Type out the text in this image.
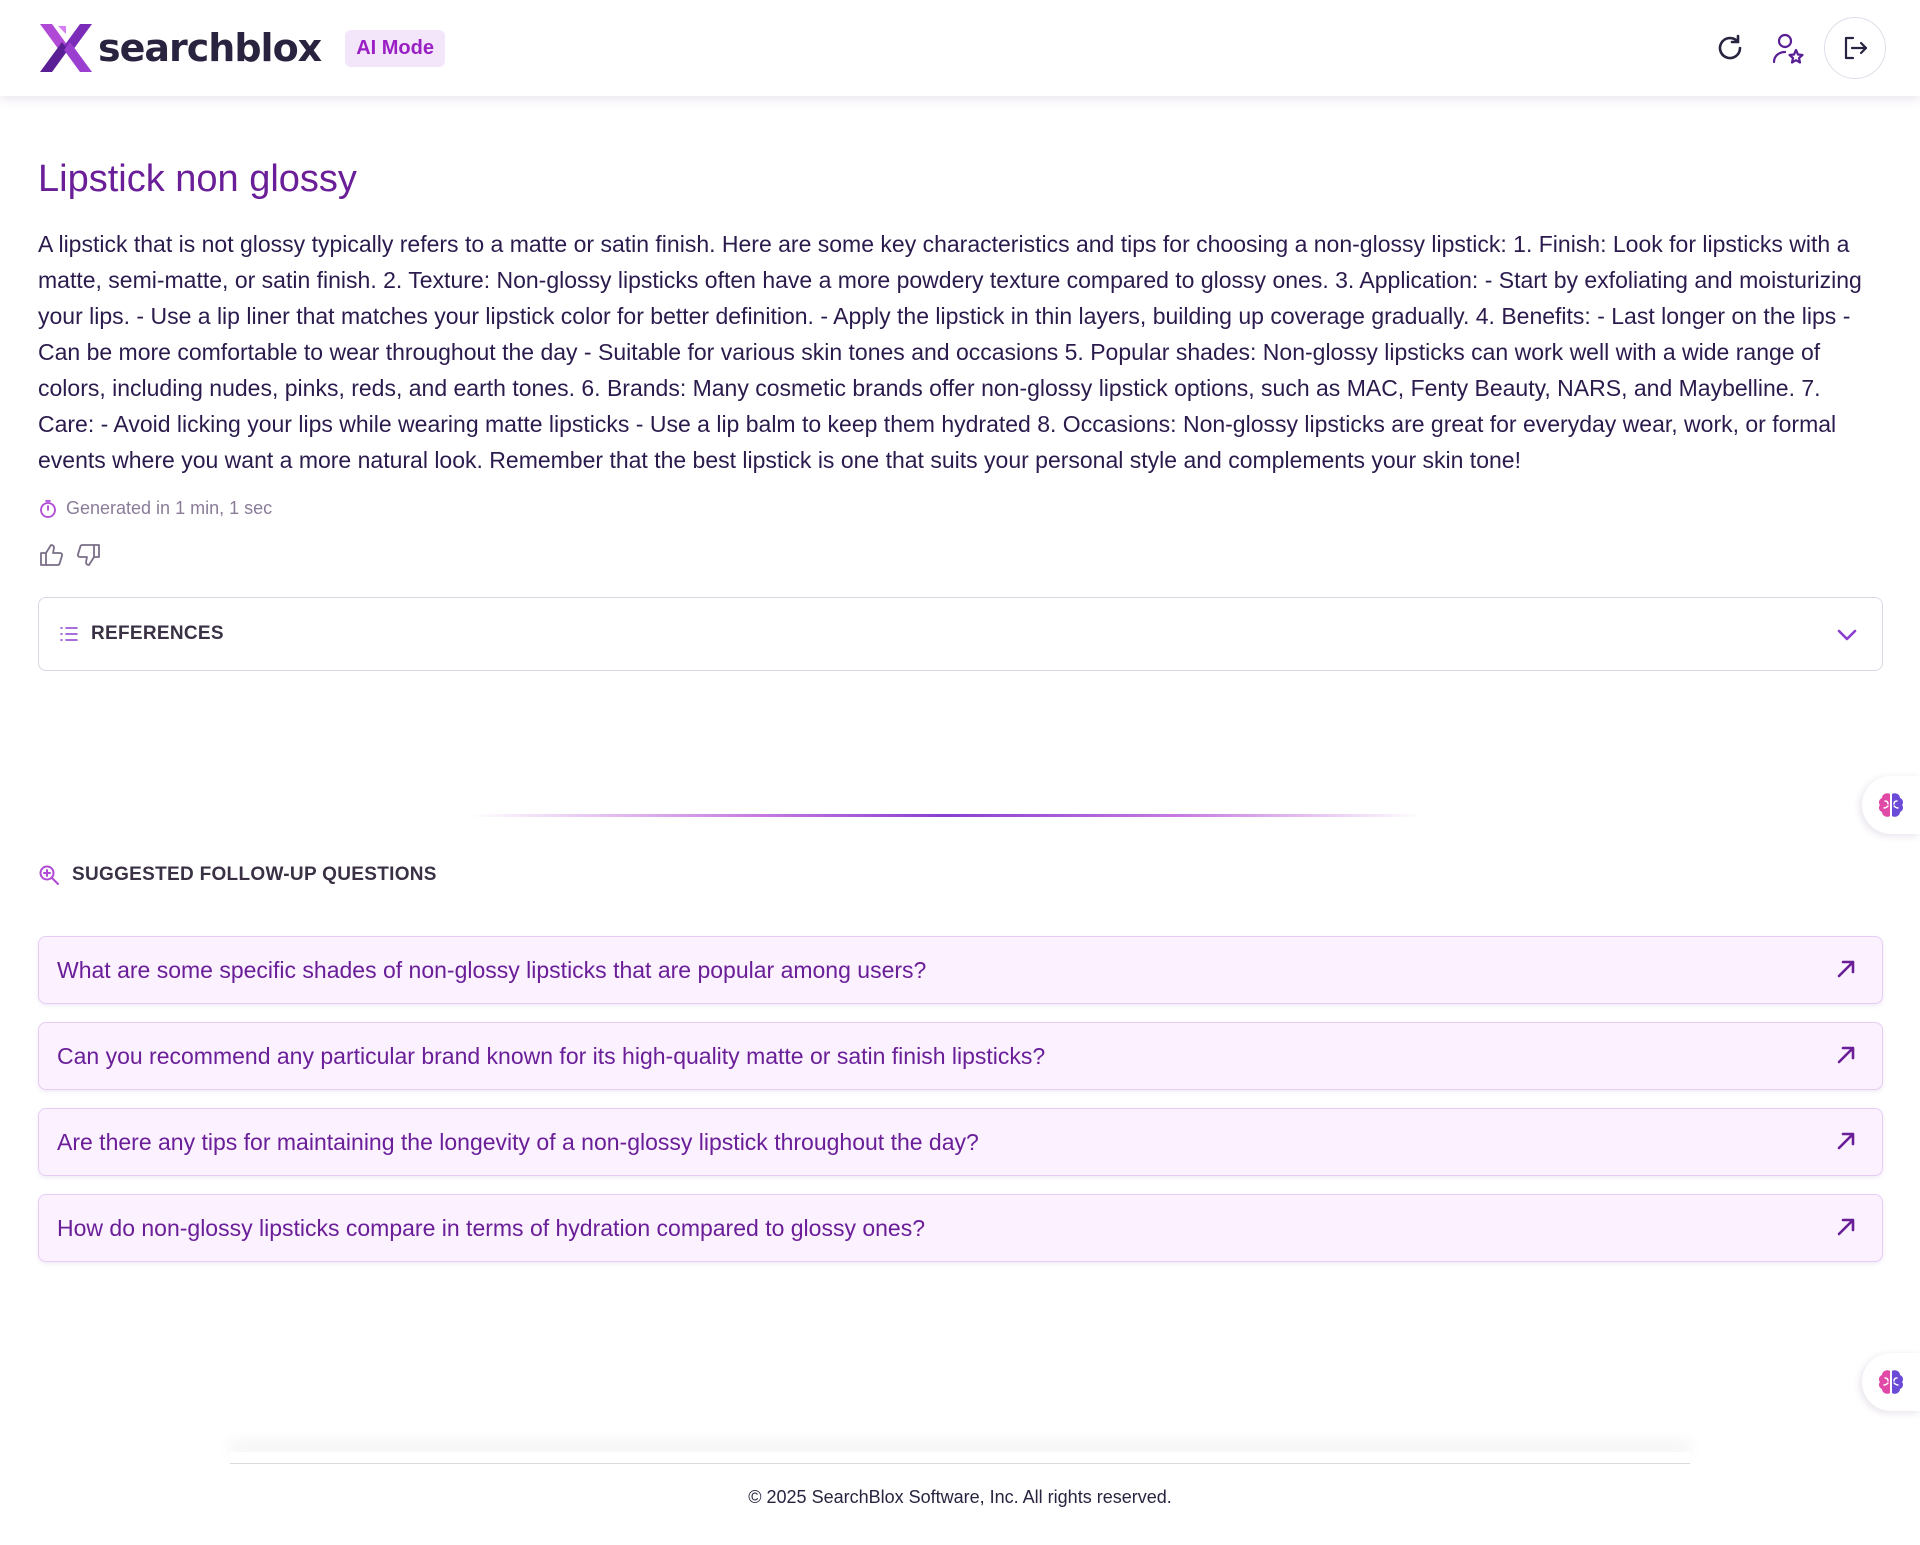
searchblox	AI Mode
Lipstick non glossy

A lipstick that is not glossy typically refers to a matte or satin finish. Here are some key characteristics and tips for choosing a non-glossy lipstick: 1. Finish: Look for lipsticks with a matte, semi-matte, or satin finish. 2. Texture: Non-glossy lipsticks often have a more powdery texture compared to glossy ones. 3. Application: - Start by exfoliating and moisturizing your lips. - Use a lip liner that matches your lipstick color for better definition. - Apply the lipstick in thin layers, building up coverage gradually. 4. Benefits: - Last longer on the lips - Can be more comfortable to wear throughout the day - Suitable for various skin tones and occasions 5. Popular shades: Non-glossy lipsticks can work well with a wide range of colors, including nudes, pinks, reds, and earth tones. 6. Brands: Many cosmetic brands offer non-glossy lipstick options, such as MAC, Fenty Beauty, NARS, and Maybelline. 7. Care: - Avoid licking your lips while wearing matte lipsticks - Use a lip balm to keep them hydrated 8. Occasions: Non-glossy lipsticks are great for everyday wear, work, or formal events where you want a more natural look. Remember that the best lipstick is one that suits your personal style and complements your skin tone!

Generated in 1 min, 1 sec
REFERENCES
SUGGESTED FOLLOW-UP QUESTIONS
What are some specific shades of non-glossy lipsticks that are popular among users?
Can you recommend any particular brand known for its high-quality matte or satin finish lipsticks?
Are there any tips for maintaining the longevity of a non-glossy lipstick throughout the day?
How do non-glossy lipsticks compare in terms of hydration compared to glossy ones?
© 2025 SearchBlox Software, Inc. All rights reserved.
